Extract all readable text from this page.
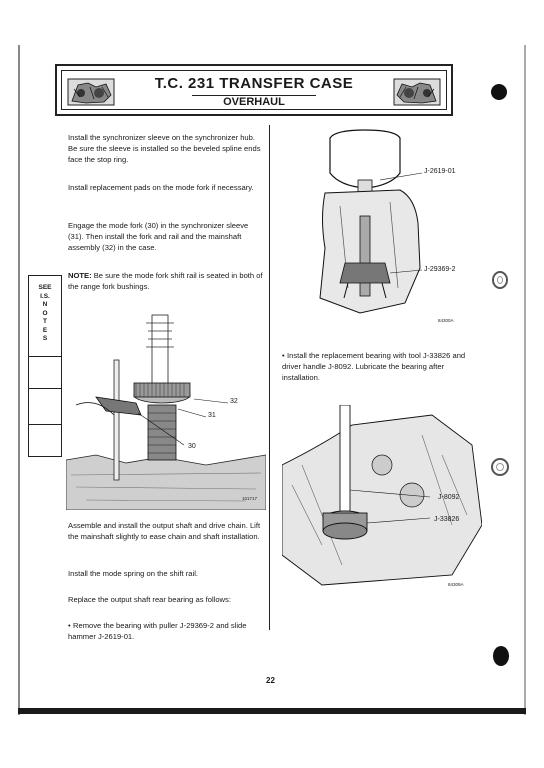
T.C. 231 TRANSFER CASE
OVERHAUL
SEE
I.S.
N
O
T
E
S
Install the synchronizer sleeve on the synchronizer hub. Be sure the sleeve is installed so the beveled spline ends face the stop ring.
Install replacement pads on the mode fork if necessary.
Engage the mode fork (30) in the synchronizer sleeve (31). Then install the fork and rail and the mainshaft assembly (32) in the case.
NOTE: Be sure the mode fork shift rail is seated in both of the range fork bushings.
32
31
30
101717
Assemble and install the output shaft and drive chain. Lift the mainshaft slightly to ease chain and shaft installation.
Install the mode spring on the shift rail.
Replace the output shaft rear bearing as follows:
• Remove the bearing with puller J-29369-2 and slide hammer J-2619-01.
J-2619-01
J-29369-2
84300A
• Install the replacement bearing with tool J-33826 and driver handle J-8092. Lubricate the bearing after installation.
J-8092
J-33826
84309A
22
